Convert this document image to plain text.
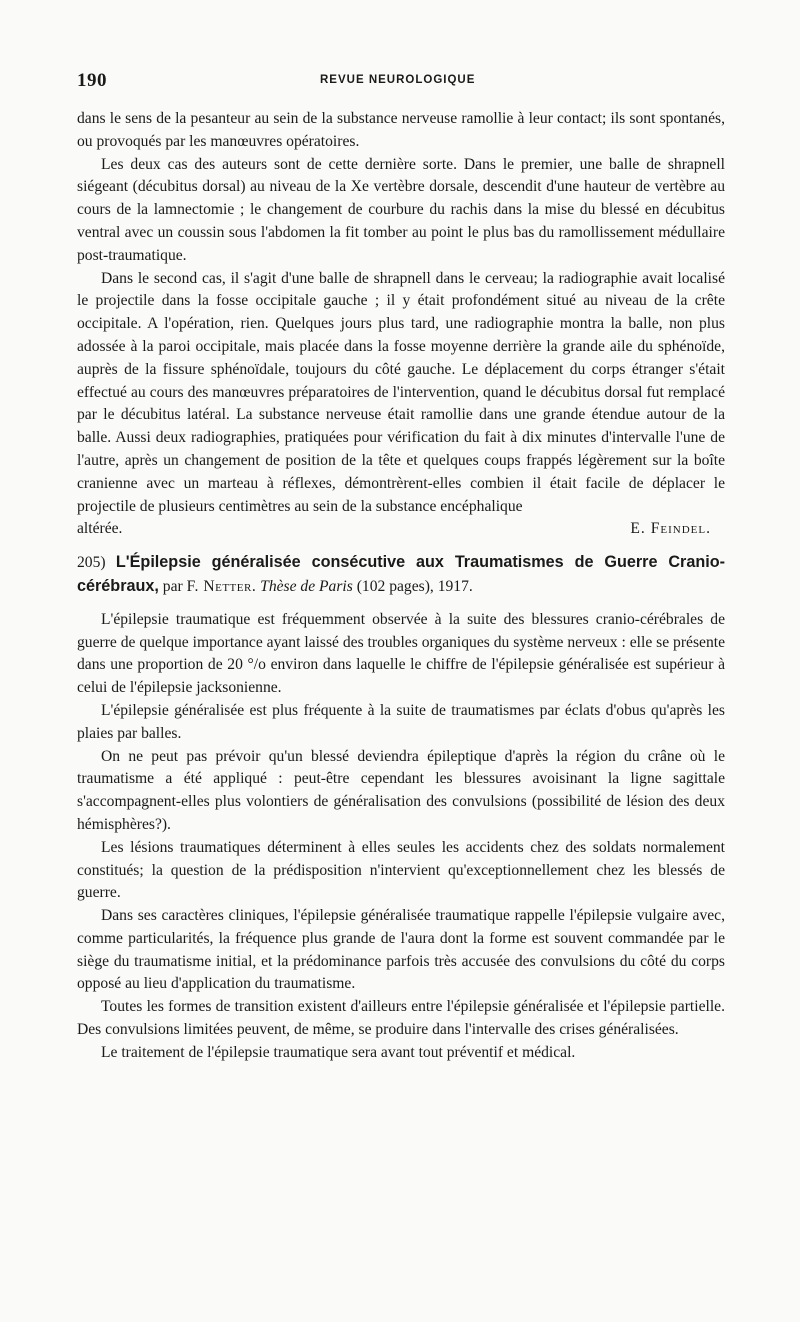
190	REVUE NEUROLOGIQUE

dans le sens de la pesanteur au sein de la substance nerveuse ramollie à leur contact; ils sont spontanés, ou provoqués par les manœuvres opératoires.

Les deux cas des auteurs sont de cette dernière sorte. Dans le premier, une balle de shrapnell siégeant (décubitus dorsal) au niveau de la Xe vertèbre dorsale, descendit d'une hauteur de vertèbre au cours de la lamnectomie ; le changement de courbure du rachis dans la mise du blessé en décubitus ventral avec un coussin sous l'abdomen la fit tomber au point le plus bas du ramollissement médullaire post-traumatique.

Dans le second cas, il s'agit d'une balle de shrapnell dans le cerveau; la radiographie avait localisé le projectile dans la fosse occipitale gauche ; il y était profondément situé au niveau de la crête occipitale. A l'opération, rien. Quelques jours plus tard, une radiographie montra la balle, non plus adossée à la paroi occipitale, mais placée dans la fosse moyenne derrière la grande aile du sphénoïde, auprès de la fissure sphénoïdale, toujours du côté gauche. Le déplacement du corps étranger s'était effectué au cours des manœuvres préparatoires de l'intervention, quand le décubitus dorsal fut remplacé par le décubitus latéral. La substance nerveuse était ramollie dans une grande étendue autour de la balle. Aussi deux radiographies, pratiquées pour vérification du fait à dix minutes d'intervalle l'une de l'autre, après un changement de position de la tête et quelques coups frappés légèrement sur la boîte cranienne avec un marteau à réflexes, démontrèrent-elles combien il était facile de déplacer le projectile de plusieurs centimètres au sein de la substance encéphalique

altérée.	E. Feindel.
205) L'Épilepsie généralisée consécutive aux Traumatismes de Guerre Cranio-cérébraux, par F. Netter. Thèse de Paris (102 pages), 1917.

L'épilepsie traumatique est fréquemment observée à la suite des blessures cranio-cérébrales de guerre de quelque importance ayant laissé des troubles organiques du système nerveux : elle se présente dans une proportion de 20 °/o environ dans laquelle le chiffre de l'épilepsie généralisée est supérieur à celui de l'épilepsie jacksonienne.

L'épilepsie généralisée est plus fréquente à la suite de traumatismes par éclats d'obus qu'après les plaies par balles.

On ne peut pas prévoir qu'un blessé deviendra épileptique d'après la région du crâne où le traumatisme a été appliqué : peut-être cependant les blessures avoisinant la ligne sagittale s'accompagnent-elles plus volontiers de généralisation des convulsions (possibilité de lésion des deux hémisphères?).

Les lésions traumatiques déterminent à elles seules les accidents chez des soldats normalement constitués; la question de la prédisposition n'intervient qu'exceptionnellement chez les blessés de guerre.

Dans ses caractères cliniques, l'épilepsie généralisée traumatique rappelle l'épilepsie vulgaire avec, comme particularités, la fréquence plus grande de l'aura dont la forme est souvent commandée par le siège du traumatisme initial, et la prédominance parfois très accusée des convulsions du côté du corps opposé au lieu d'application du traumatisme.

Toutes les formes de transition existent d'ailleurs entre l'épilepsie généralisée et l'épilepsie partielle. Des convulsions limitées peuvent, de même, se produire dans l'intervalle des crises généralisées.

Le traitement de l'épilepsie traumatique sera avant tout préventif et médical.
